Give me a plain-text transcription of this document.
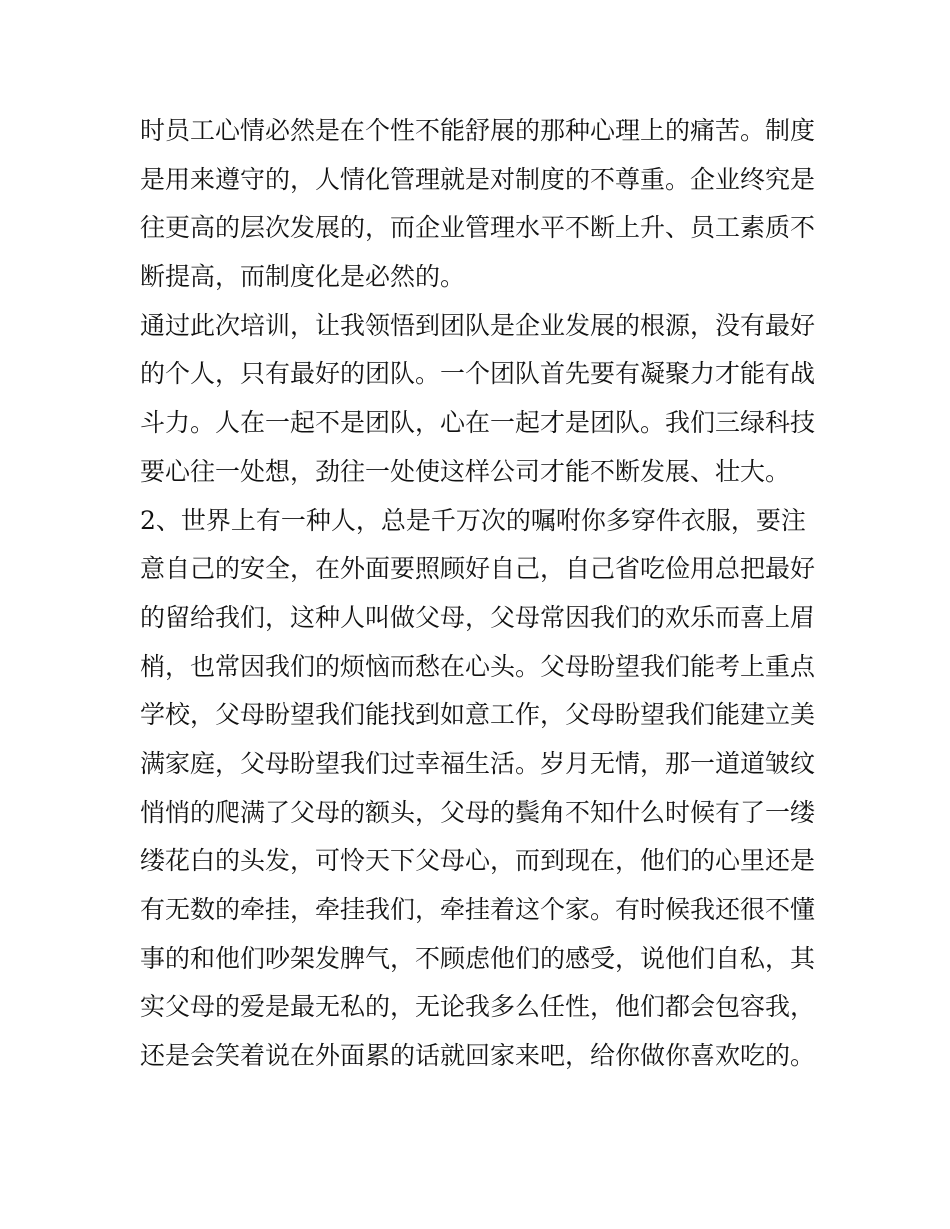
时员工心情必然是在个性不能舒展的那种心理上的痛苦。制度
是用来遵守的，人情化管理就是对制度的不尊重。企业终究是
往更高的层次发展的，而企业管理水平不断上升、员工素质不
断提高，而制度化是必然的。

通过此次培训，让我领悟到团队是企业发展的根源，没有最好
的个人，只有最好的团队。一个团队首先要有凝聚力才能有战
斗力。人在一起不是团队，心在一起才是团队。我们三绿科技
要心往一处想，劲往一处使这样公司才能不断发展、壮大。

2、世界上有一种人，总是千万次的嘱咐你多穿件衣服，要注
意自己的安全，在外面要照顾好自己，自己省吃俭用总把最好
的留给我们，这种人叫做父母，父母常因我们的欢乐而喜上眉
梢，也常因我们的烦恼而愁在心头。父母盼望我们能考上重点
学校，父母盼望我们能找到如意工作，父母盼望我们能建立美
满家庭，父母盼望我们过幸福生活。岁月无情，那一道道皱纹
悄悄的爬满了父母的额头，父母的鬓角不知什么时候有了一缕
缕花白的头发，可怜天下父母心，而到现在，他们的心里还是
有无数的牵挂，牵挂我们，牵挂着这个家。有时候我还很不懂
事的和他们吵架发脾气，不顾虑他们的感受，说他们自私，其
实父母的爱是最无私的，无论我多么任性，他们都会包容我，
还是会笑着说在外面累的话就回家来吧，给你做你喜欢吃的。
